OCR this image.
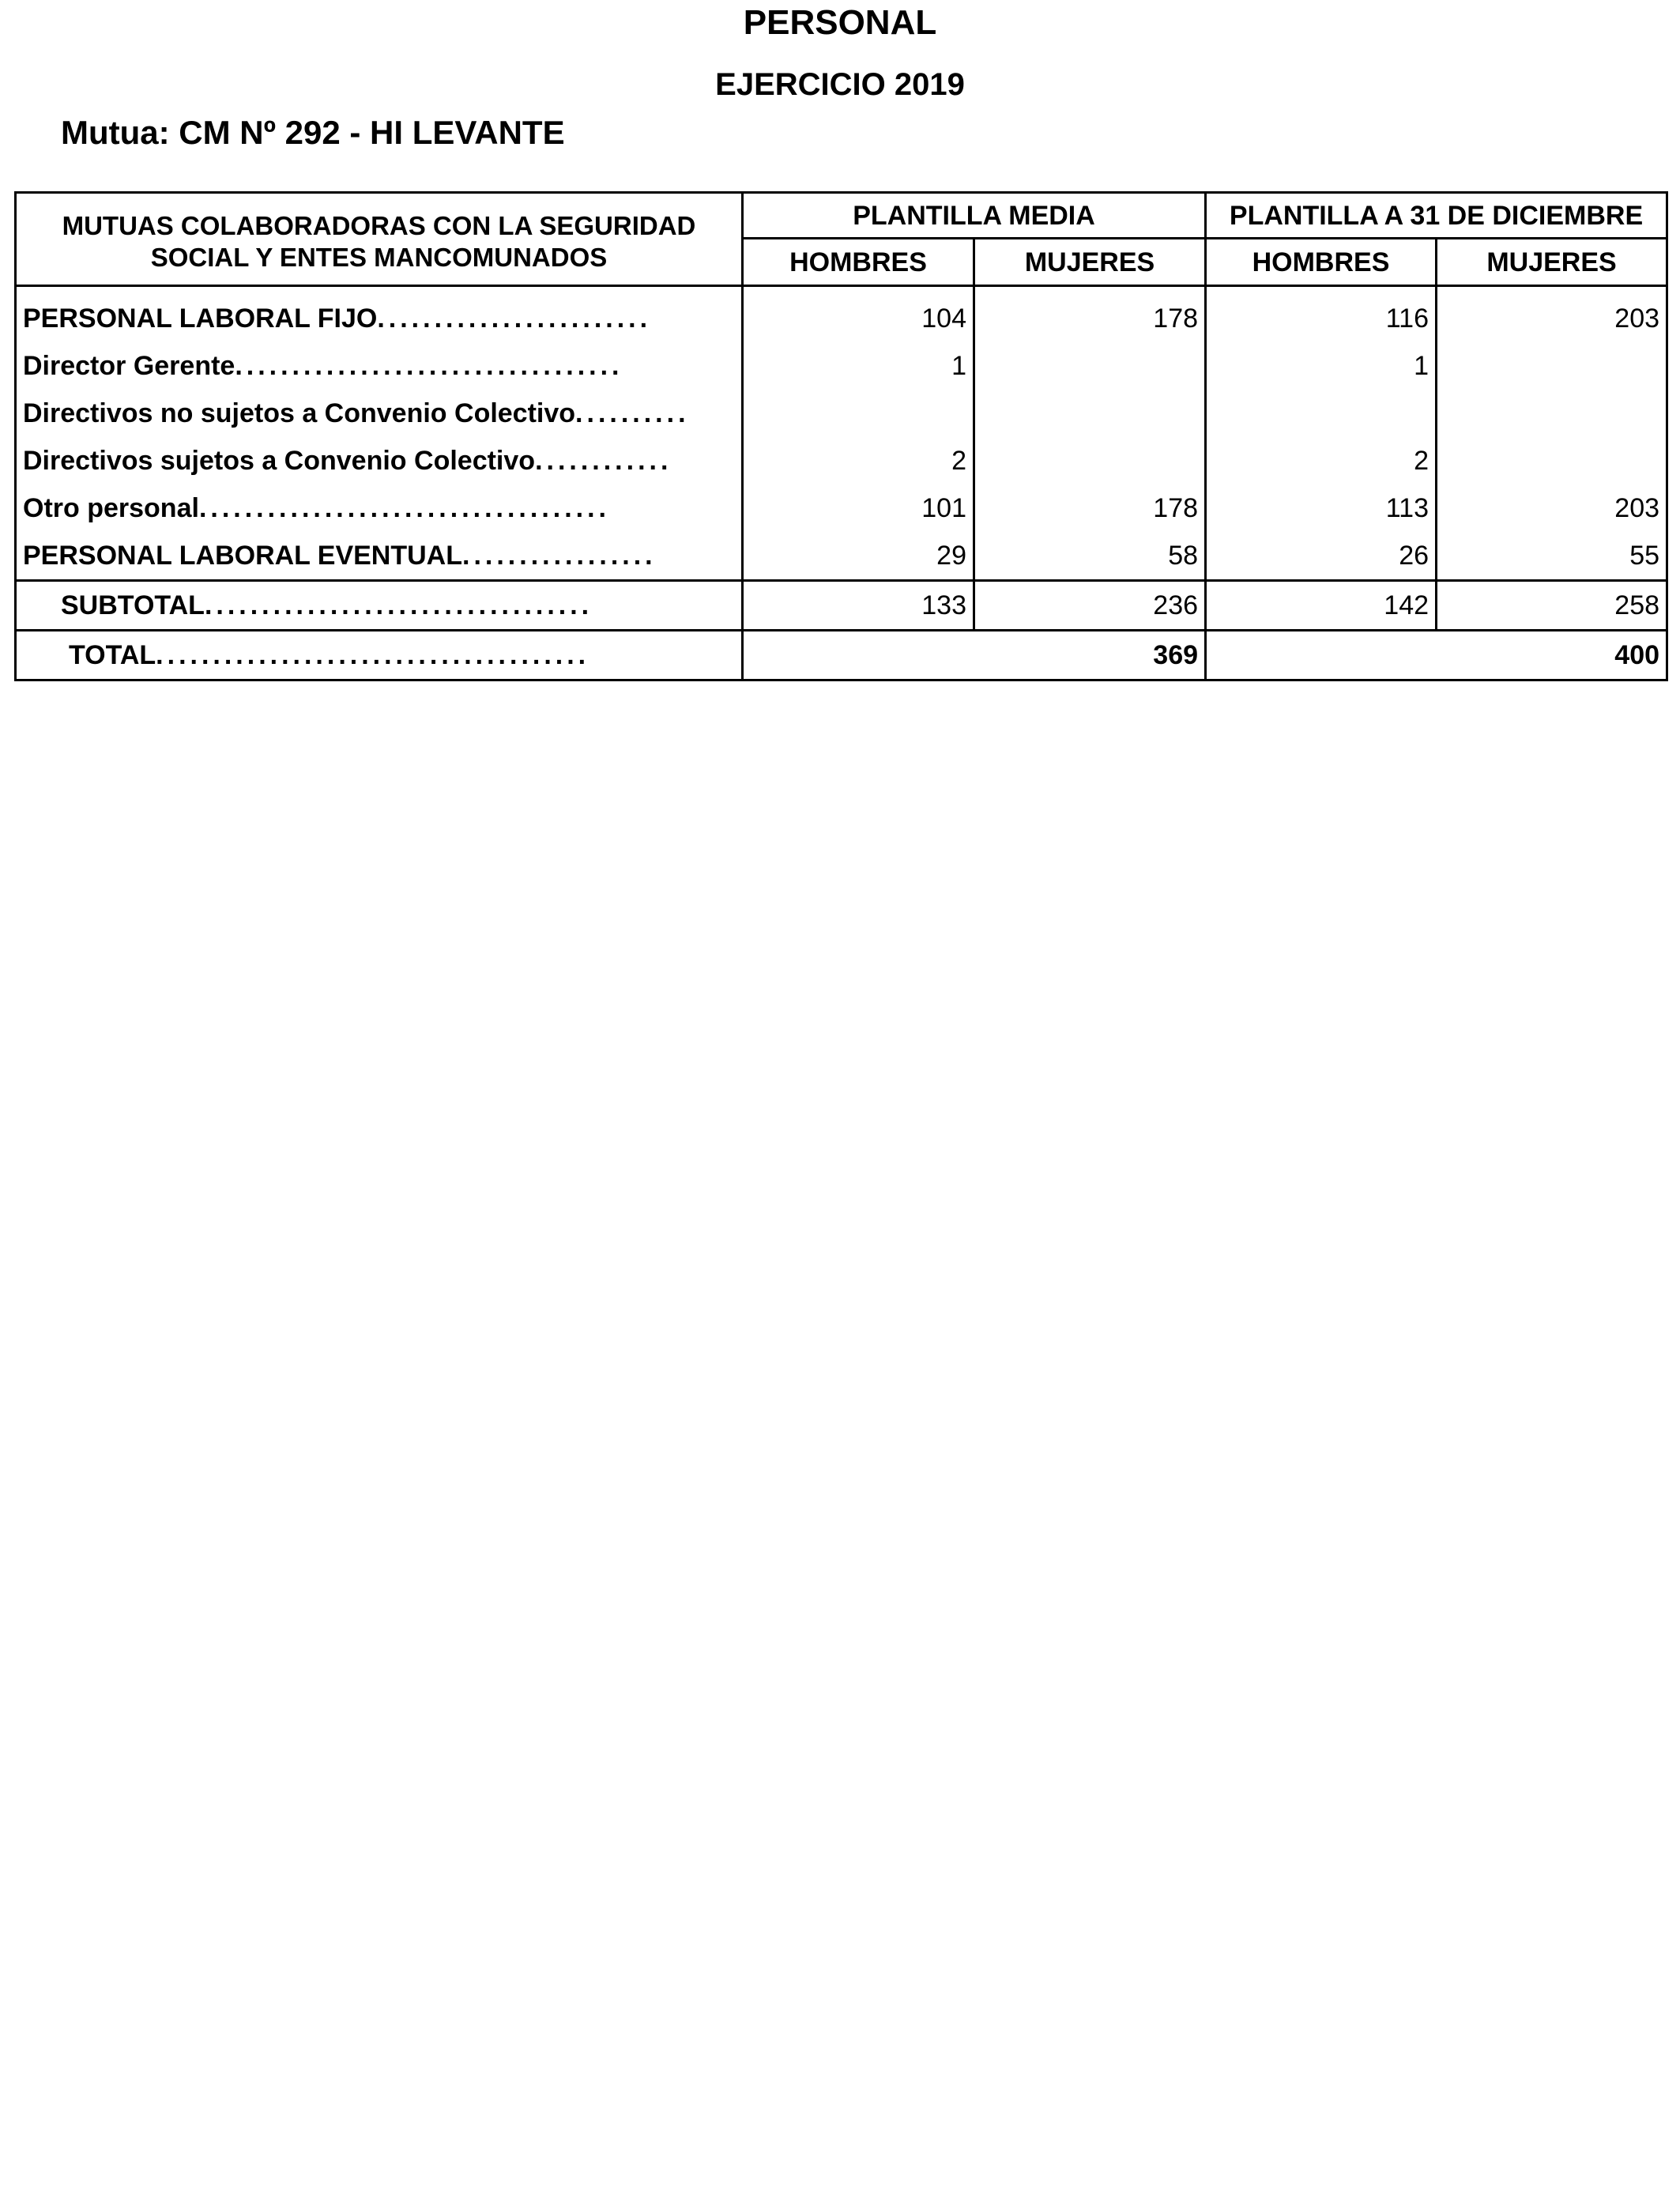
PERSONAL
EJERCICIO 2019
Mutua: CM Nº 292 - HI LEVANTE
MUTUAS COLABORADORAS CON LA SEGURIDAD
SOCIAL Y ENTES MANCOMUNADOS	PLANTILLA MEDIA		PLANTILLA A 31 DE DICIEMBRE	
	HOMBRES	MUJERES	HOMBRES	MUJERES
PERSONAL LABORAL FIJO........................	104	178	116	203
Director Gerente..................................	1		1	
Directivos no sujetos a Convenio Colectivo..........				
Directivos sujetos a Convenio Colectivo............	2		2	
Otro personal....................................	101	178	113	203
PERSONAL LABORAL EVENTUAL.................	29	58	26	55
SUBTOTAL..................................	133	236	142	258
TOTAL......................................	369		400	
